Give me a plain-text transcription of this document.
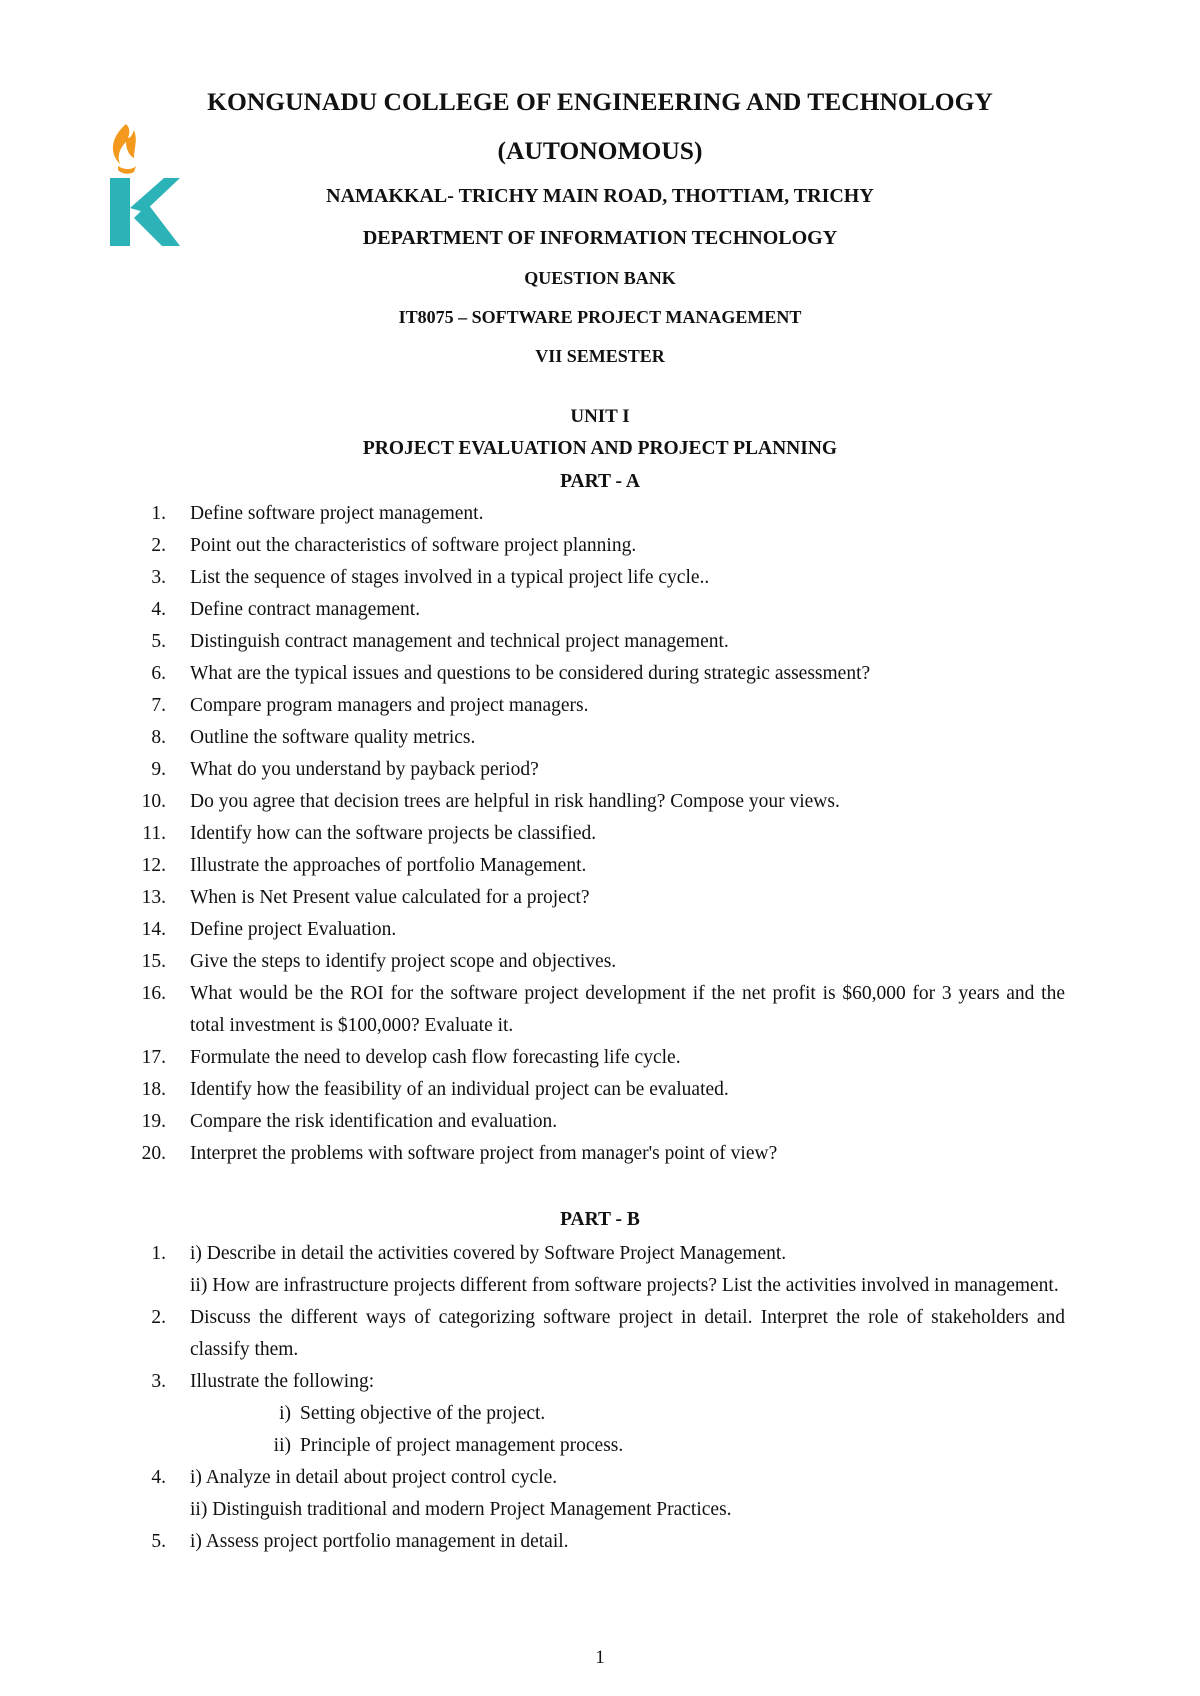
KONGUNADU COLLEGE OF ENGINEERING AND TECHNOLOGY

(AUTONOMOUS)

NAMAKKAL- TRICHY MAIN ROAD, THOTTIAM, TRICHY

DEPARTMENT OF INFORMATION TECHNOLOGY

QUESTION BANK

IT8075 – SOFTWARE PROJECT MANAGEMENT

VII SEMESTER

UNIT I

PROJECT EVALUATION AND PROJECT PLANNING

PART - A

1. Define software project management.
2. Point out the characteristics of software project planning.
3. List the sequence of stages involved in a typical project life cycle..
4. Define contract management.
5. Distinguish contract management and technical project management.
6. What are the typical issues and questions to be considered during strategic assessment?
7. Compare program managers and project managers.
8. Outline the software quality metrics.
9. What do you understand by payback period?
10. Do you agree that decision trees are helpful in risk handling? Compose your views.
11. Identify how can the software projects be classified.
12. Illustrate the approaches of portfolio Management.
13. When is Net Present value calculated for a project?
14. Define project Evaluation.
15. Give the steps to identify project scope and objectives.
16. What would be the ROI for the software project development if the net profit is $60,000 for 3 years and the total investment is $100,000? Evaluate it.
17. Formulate the need to develop cash flow forecasting life cycle.
18. Identify how the feasibility of an individual project can be evaluated.
19. Compare the risk identification and evaluation.
20. Interpret the problems with software project from manager's point of view?

PART - B

1. i) Describe in detail the activities covered by Software Project Management.
ii) How are infrastructure projects different from software projects? List the activities involved in management.
2. Discuss the different ways of categorizing software project in detail. Interpret the role of stakeholders and classify them.
3. Illustrate the following:
i) Setting objective of the project.
ii) Principle of project management process.
4. i) Analyze in detail about project control cycle.
ii) Distinguish traditional and modern Project Management Practices.
5. i) Assess project portfolio management in detail.

1
